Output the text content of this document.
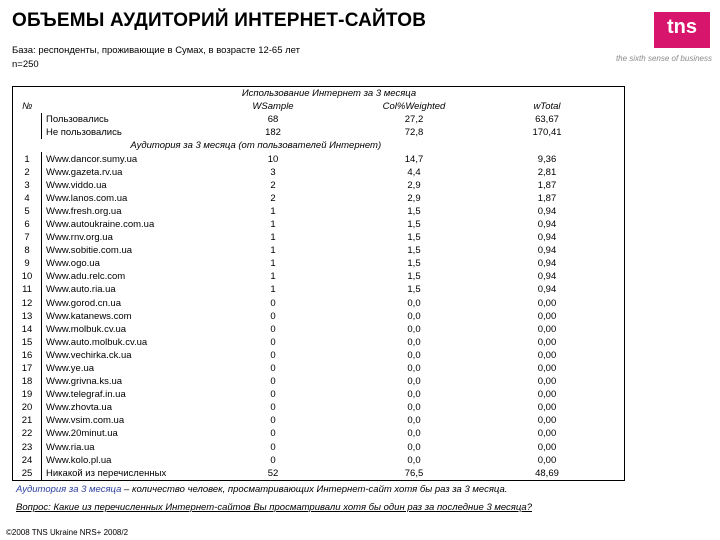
ОБЪЕМЫ АУДИТОРИЙ ИНТЕРНЕТ-САЙТОВ	tns
the sixth sense of business
База: респонденты, проживающие в Сумах, в возрасте 12-65 лет
n=250
		Использование Интернет за 3 месяца		
№		WSample	Col%Weighted	wTotal
	Пользовались	68	27,2	63,67
	Не пользовались	182	72,8	170,41
	Аудитория за 3 месяца (от пользователей Интернет)			
1	Www.dancor.sumy.ua	10	14,7	9,36
2	Www.gazeta.rv.ua	3	4,4	2,81
3	Www.viddo.ua	2	2,9	1,87
4	Www.lanos.com.ua	2	2,9	1,87
5	Www.fresh.org.ua	1	1,5	0,94
6	Www.autoukraine.com.ua	1	1,5	0,94
7	Www.rnv.org.ua	1	1,5	0,94
8	Www.sobitie.com.ua	1	1,5	0,94
9	Www.ogo.ua	1	1,5	0,94
10	Www.adu.relc.com	1	1,5	0,94
11	Www.auto.ria.ua	1	1,5	0,94
12	Www.gorod.cn.ua	0	0,0	0,00
13	Www.katanews.com	0	0,0	0,00
14	Www.molbuk.cv.ua	0	0,0	0,00
15	Www.auto.molbuk.cv.ua	0	0,0	0,00
16	Www.vechirka.ck.ua	0	0,0	0,00
17	Www.ye.ua	0	0,0	0,00
18	Www.grivna.ks.ua	0	0,0	0,00
19	Www.telegraf.in.ua	0	0,0	0,00
20	Www.zhovta.ua	0	0,0	0,00
21	Www.vsim.com.ua	0	0,0	0,00
22	Www.20minut.ua	0	0,0	0,00
23	Www.ria.ua	0	0,0	0,00
24	Www.kolo.pl.ua	0	0,0	0,00
25	Никакой из перечисленных	52	76,5	48,69
Аудитория за 3 месяца – количество человек, просматривающих Интернет-сайт хотя бы раз за 3 месяца.
Вопрос: Какие из перечисленных Интернет-сайтов Вы просматривали хотя бы один раз за последние 3 месяца?
©2008 TNS Ukraine NRS+ 2008/2
